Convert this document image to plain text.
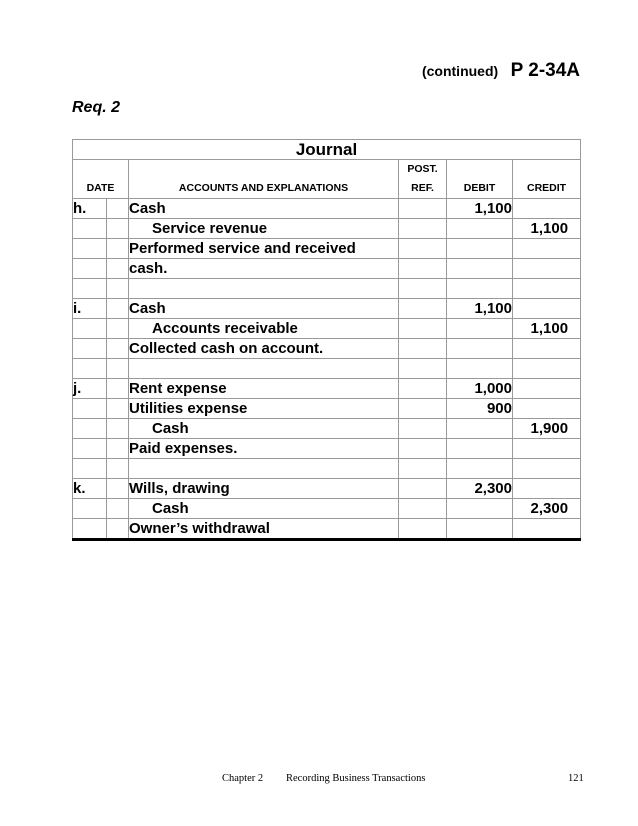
(continued) P 2-34A
Req. 2
Journal					
DATE		ACCOUNTS AND EXPLANATIONS	POST. REF.	DEBIT	CREDIT
h.		Cash		1,100	
		Service revenue			1,100
		Performed service and received			
		cash.			

i.		Cash		1,100	
		Accounts receivable			1,100
		Collected cash on account.			

j.		Rent expense		1,000	
		Utilities expense		900	
		Cash			1,900
		Paid expenses.			

k.		Wills, drawing		2,300	
		Cash			2,300
		Owner’s withdrawal			
Chapter 2 Recording Business Transactions	121
